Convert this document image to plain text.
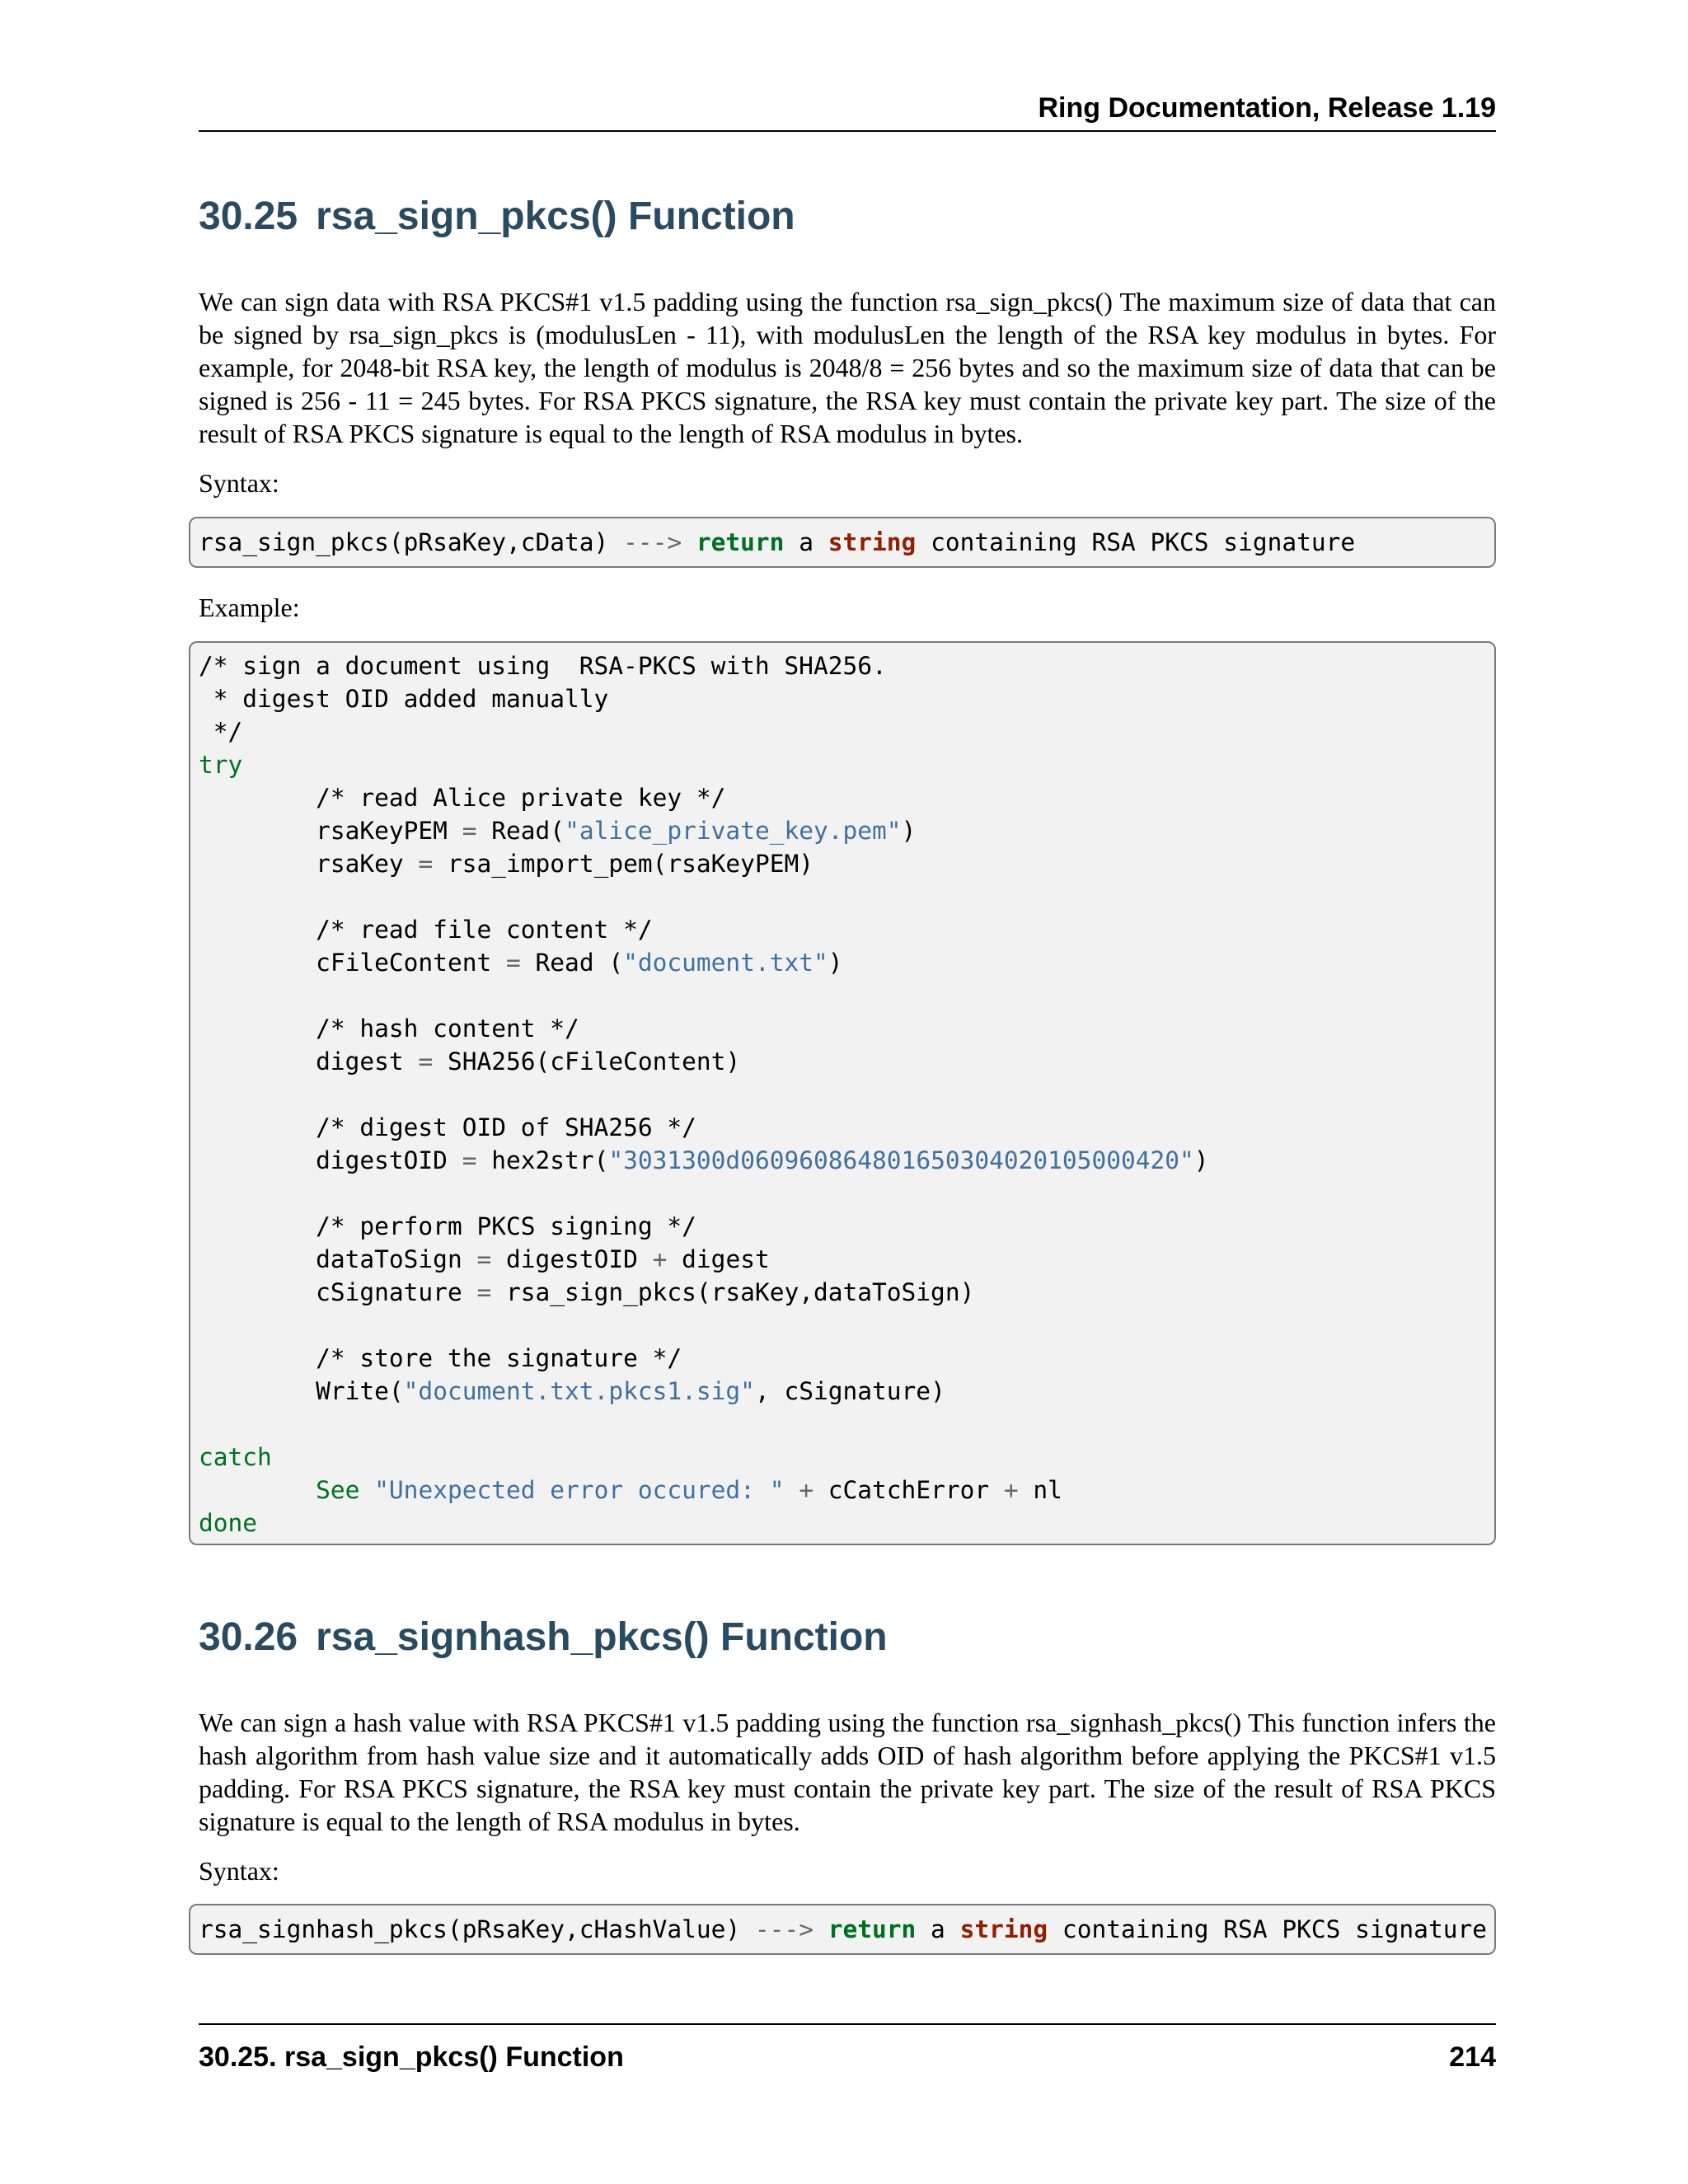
Ring Documentation, Release 1.19
30.25 rsa_sign_pkcs() Function

We can sign data with RSA PKCS#1 v1.5 padding using the function rsa_sign_pkcs() The maximum size of data that can be signed by rsa_sign_pkcs is (modulusLen - 11), with modulusLen the length of the RSA key modulus in bytes. For example, for 2048-bit RSA key, the length of modulus is 2048/8 = 256 bytes and so the maximum size of data that can be signed is 256 - 11 = 245 bytes. For RSA PKCS signature, the RSA key must contain the private key part. The size of the result of RSA PKCS signature is equal to the length of RSA modulus in bytes.

Syntax:

rsa_sign_pkcs(pRsaKey,cData) ---> return a string containing RSA PKCS signature

Example:

/* sign a document using  RSA-PKCS with SHA256.
* digest OID added manually
*/
try
/* read Alice private key */
rsaKeyPEM = Read("alice_private_key.pem")
rsaKey = rsa_import_pem(rsaKeyPEM)
/* read file content */
cFileContent = Read ("document.txt")
/* hash content */
digest = SHA256(cFileContent)
/* digest OID of SHA256 */
digestOID = hex2str("3031300d060960864801650304020105000420")
/* perform PKCS signing */
dataToSign = digestOID + digest
cSignature = rsa_sign_pkcs(rsaKey,dataToSign)
/* store the signature */
Write("document.txt.pkcs1.sig", cSignature)
catch
See "Unexpected error occured: " + cCatchError + nl
done
30.26 rsa_signhash_pkcs() Function

We can sign a hash value with RSA PKCS#1 v1.5 padding using the function rsa_signhash_pkcs() This function infers the hash algorithm from hash value size and it automatically adds OID of hash algorithm before applying the PKCS#1 v1.5 padding. For RSA PKCS signature, the RSA key must contain the private key part. The size of the result of RSA PKCS signature is equal to the length of RSA modulus in bytes.

Syntax:

rsa_signhash_pkcs(pRsaKey,cHashValue) ---> return a string containing RSA PKCS signature
30.25. rsa_sign_pkcs() Function	214
